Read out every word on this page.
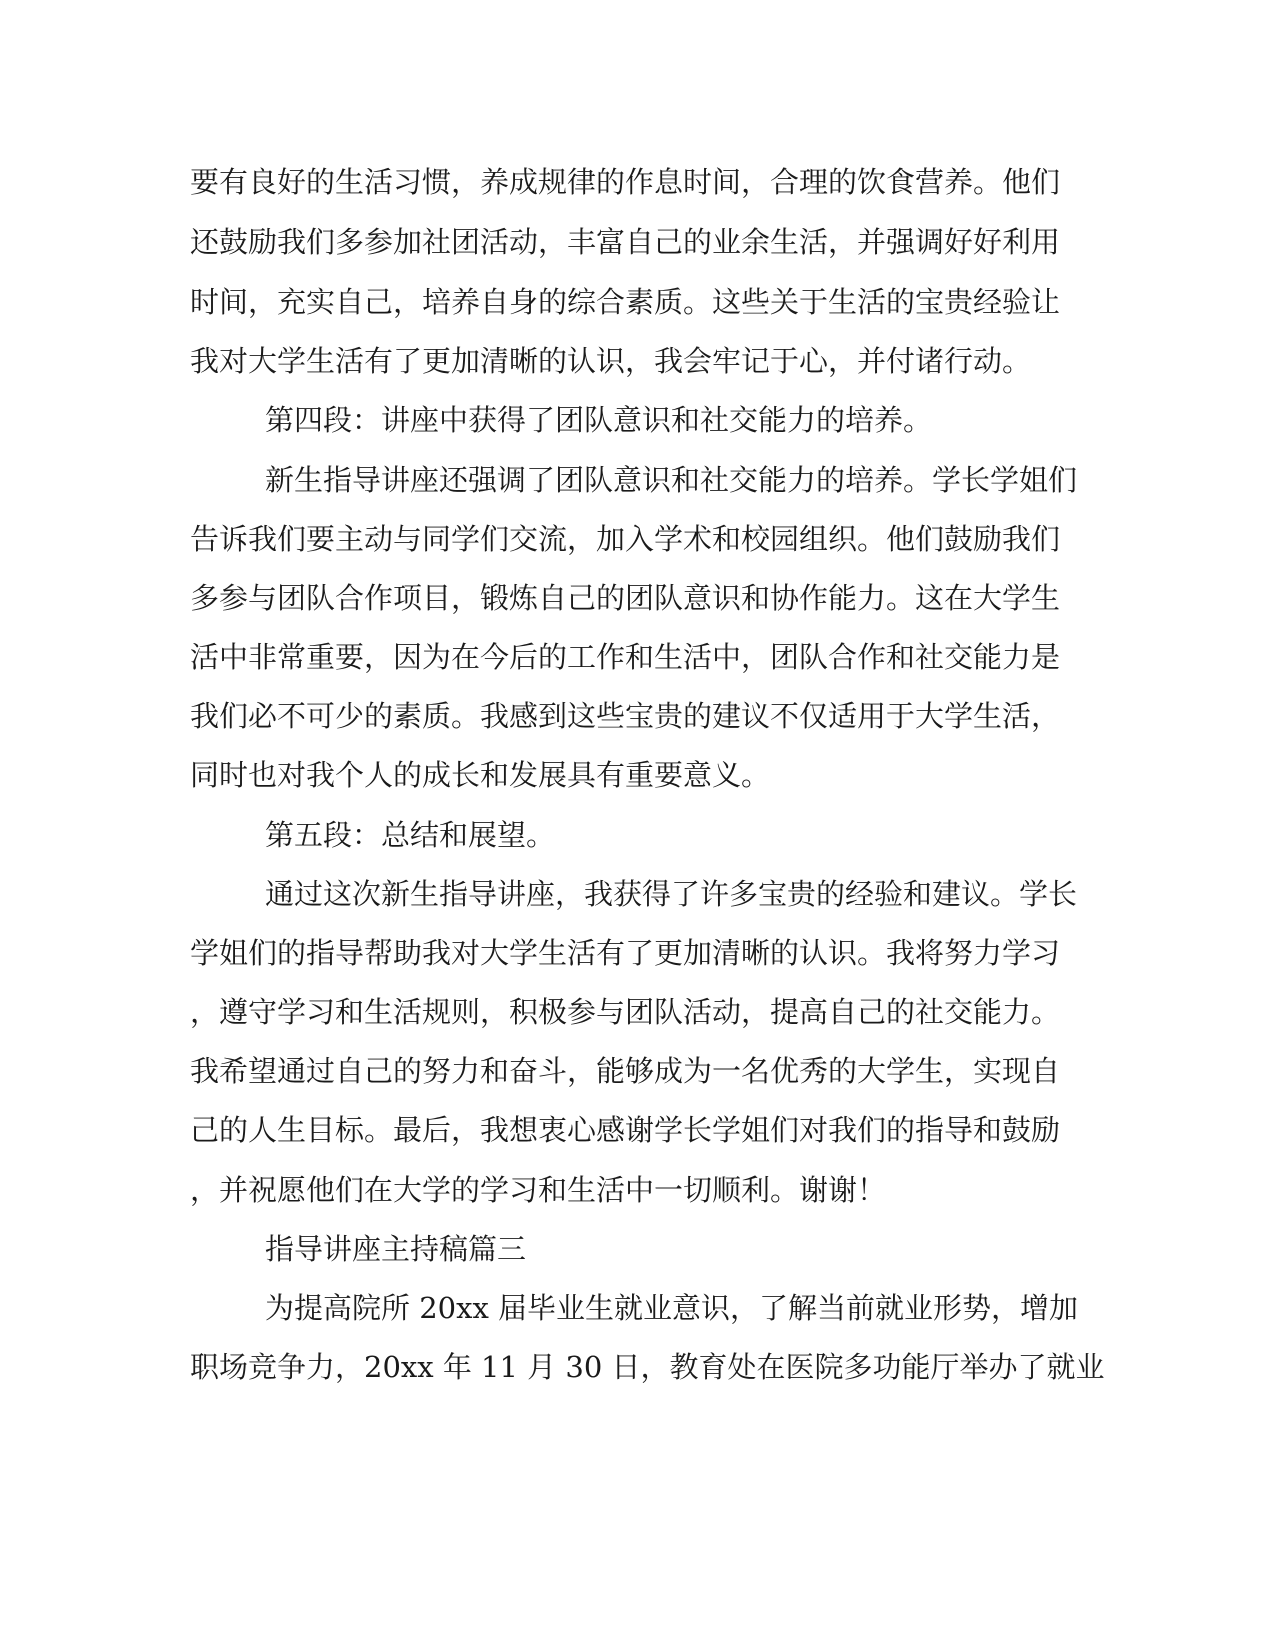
要有良好的生活习惯，养成规律的作息时间，合理的饮食营养。他们

还鼓励我们多参加社团活动，丰富自己的业余生活，并强调好好利用

时间，充实自己，培养自身的综合素质。这些关于生活的宝贵经验让

我对大学生活有了更加清晰的认识，我会牢记于心，并付诸行动。

第四段：讲座中获得了团队意识和社交能力的培养。

新生指导讲座还强调了团队意识和社交能力的培养。学长学姐们

告诉我们要主动与同学们交流，加入学术和校园组织。他们鼓励我们

多参与团队合作项目，锻炼自己的团队意识和协作能力。这在大学生

活中非常重要，因为在今后的工作和生活中，团队合作和社交能力是

我们必不可少的素质。我感到这些宝贵的建议不仅适用于大学生活，

同时也对我个人的成长和发展具有重要意义。

第五段：总结和展望。

通过这次新生指导讲座，我获得了许多宝贵的经验和建议。学长

学姐们的指导帮助我对大学生活有了更加清晰的认识。我将努力学习

，遵守学习和生活规则，积极参与团队活动，提高自己的社交能力。

我希望通过自己的努力和奋斗，能够成为一名优秀的大学生，实现自

己的人生目标。最后，我想衷心感谢学长学姐们对我们的指导和鼓励

，并祝愿他们在大学的学习和生活中一切顺利。谢谢！

指导讲座主持稿篇三

为提高院所 20xx 届毕业生就业意识，了解当前就业形势，增加

职场竞争力，20xx 年 11 月 30 日，教育处在医院多功能厅举办了就业
